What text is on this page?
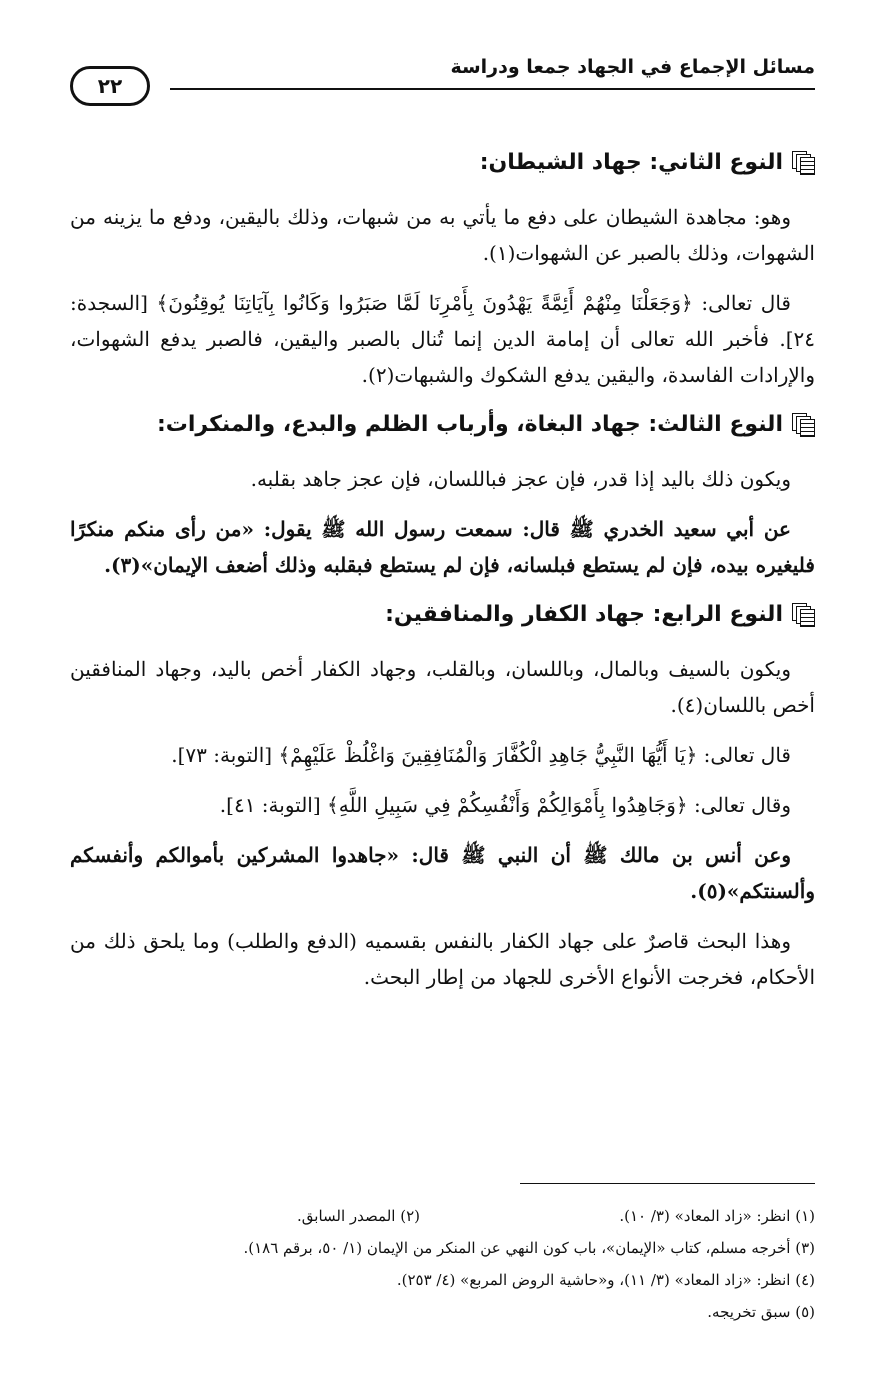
مسائل الإجماع في الجهاد جمعا ودراسة
٢٢
النوع الثاني: جهاد الشيطان:

وهو: مجاهدة الشيطان على دفع ما يأتي به من شبهات، وذلك باليقين، ودفع ما يزينه من الشهوات، وذلك بالصبر عن الشهوات(١).

قال تعالى: ﴿وَجَعَلْنَا مِنْهُمْ أَئِمَّةً يَهْدُونَ بِأَمْرِنَا لَمَّا صَبَرُوا وَكَانُوا بِآيَاتِنَا يُوقِنُونَ﴾ [السجدة: ٢٤]. فأخبر الله تعالى أن إمامة الدين إنما تُنال بالصبر واليقين، فالصبر يدفع الشهوات، والإرادات الفاسدة، واليقين يدفع الشكوك والشبهات(٢).

النوع الثالث: جهاد البغاة، وأرباب الظلم والبدع، والمنكرات:

ويكون ذلك باليد إذا قدر، فإن عجز فباللسان، فإن عجز جاهد بقلبه.

عن أبي سعيد الخدري ﷺ قال: سمعت رسول الله ﷺ يقول: «من رأى منكم منكرًا فليغيره بيده، فإن لم يستطع فبلسانه، فإن لم يستطع فبقلبه وذلك أضعف الإيمان»(٣).

النوع الرابع: جهاد الكفار والمنافقين:

ويكون بالسيف وبالمال، وباللسان، وبالقلب، وجهاد الكفار أخص باليد، وجهاد المنافقين أخص باللسان(٤).

قال تعالى: ﴿يَا أَيُّهَا النَّبِيُّ جَاهِدِ الْكُفَّارَ وَالْمُنَافِقِينَ وَاغْلُظْ عَلَيْهِمْ﴾ [التوبة: ٧٣].

وقال تعالى: ﴿وَجَاهِدُوا بِأَمْوَالِكُمْ وَأَنْفُسِكُمْ فِي سَبِيلِ اللَّهِ﴾ [التوبة: ٤١].

وعن أنس بن مالك ﷺ أن النبي ﷺ قال: «جاهدوا المشركين بأموالكم وأنفسكم وألسنتكم»(٥).

وهذا البحث قاصرٌ على جهاد الكفار بالنفس بقسميه (الدفع والطلب) وما يلحق ذلك من الأحكام، فخرجت الأنواع الأخرى للجهاد من إطار البحث.

(١) انظر: «زاد المعاد» (٣/ ١٠).(٢) المصدر السابق.
(٣) أخرجه مسلم، كتاب «الإيمان»، باب كون النهي عن المنكر من الإيمان (١/ ٥٠، برقم ١٨٦).
(٤) انظر: «زاد المعاد» (٣/ ١١)، و«حاشية الروض المربع» (٤/ ٢٥٣).
(٥) سبق تخريجه.
